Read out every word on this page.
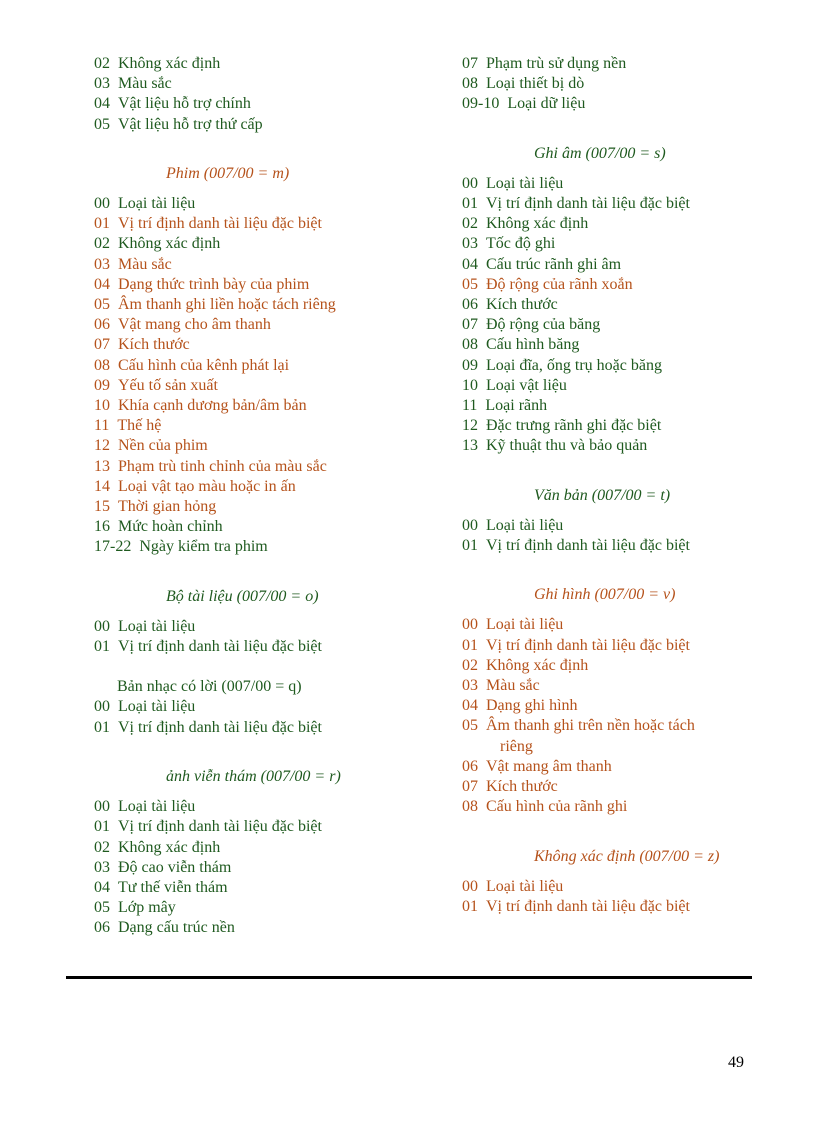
02 Không xác định
03 Màu sắc
04 Vật liệu hỗ trợ chính
05 Vật liệu hỗ trợ thứ cấp
Phim (007/00 = m)
00 Loại tài liệu
01 Vị trí định danh tài liệu đặc biệt
02 Không xác định
03 Màu sắc
04 Dạng thức trình bày của phim
05 Âm thanh ghi liền hoặc tách riêng
06 Vật mang cho âm thanh
07 Kích thước
08 Cấu hình của kênh phát lại
09 Yếu tố sản xuất
10 Khía cạnh dương bản/âm bản
11 Thế hệ
12 Nền của phim
13 Phạm trù tinh chỉnh của màu sắc
14 Loại vật tạo màu hoặc in ấn
15 Thời gian hỏng
16 Mức hoàn chỉnh
17-22 Ngày kiểm tra phim
Bộ tài liệu (007/00 = o)
00 Loại tài liệu
01 Vị trí định danh tài liệu đặc biệt
Bản nhạc có lời (007/00 = q)
00 Loại tài liệu
01 Vị trí định danh tài liệu đặc biệt
ảnh viễn thám (007/00 = r)
00 Loại tài liệu
01 Vị trí định danh tài liệu đặc biệt
02 Không xác định
03 Độ cao viễn thám
04 Tư thế viễn thám
05 Lớp mây
06 Dạng cấu trúc nền
07 Phạm trù sử dụng nền
08 Loại thiết bị dò
09-10 Loại dữ liệu
Ghi âm (007/00 = s)
00 Loại tài liệu
01 Vị trí định danh tài liệu đặc biệt
02 Không xác định
03 Tốc độ ghi
04 Cấu trúc rãnh ghi âm
05 Độ rộng của rãnh xoắn
06 Kích thước
07 Độ rộng của băng
08 Cấu hình băng
09 Loại đĩa, ống trụ hoặc băng
10 Loại vật liệu
11 Loại rãnh
12 Đặc trưng rãnh ghi đặc biệt
13 Kỹ thuật thu và bảo quản
Văn bản (007/00 = t)
00 Loại tài liệu
01 Vị trí định danh tài liệu đặc biệt
Ghi hình (007/00 = v)
00 Loại tài liệu
01 Vị trí định danh tài liệu đặc biệt
02 Không xác định
03 Màu sắc
04 Dạng ghi hình
05 Âm thanh ghi trên nền hoặc tách
riêng
06 Vật mang âm thanh
07 Kích thước
08 Cấu hình của rãnh ghi
Không xác định (007/00 = z)
00 Loại tài liệu
01 Vị trí định danh tài liệu đặc biệt
49
